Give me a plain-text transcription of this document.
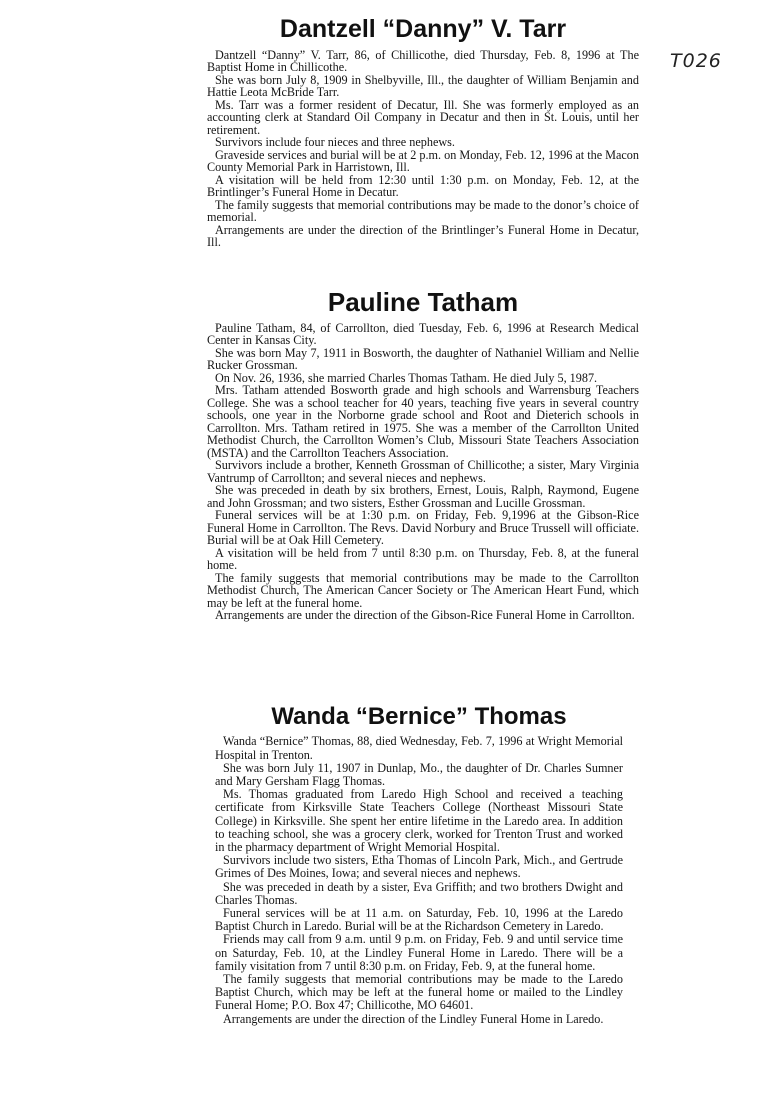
T026
Dantzell “Danny” V. Tarr

Dantzell “Danny” V. Tarr, 86, of Chillicothe, died Thursday, Feb. 8, 1996 at The Baptist Home in Chillicothe.

She was born July 8, 1909 in Shelbyville, Ill., the daughter of William Benjamin and Hattie Leota McBride Tarr.

Ms. Tarr was a former resident of Decatur, Ill. She was formerly employed as an accounting clerk at Standard Oil Company in Decatur and then in St. Louis, until her retirement.

Survivors include four nieces and three nephews.

Graveside services and burial will be at 2 p.m. on Monday, Feb. 12, 1996 at the Macon County Memorial Park in Harristown, Ill.

A visitation will be held from 12:30 until 1:30 p.m. on Monday, Feb. 12, at the Brintlinger’s Funeral Home in Decatur.

The family suggests that memorial contributions may be made to the donor’s choice of memorial.

Arrangements are under the direction of the Brintlinger’s Funeral Home in Decatur, Ill.

Pauline Tatham

Pauline Tatham, 84, of Carrollton, died Tuesday, Feb. 6, 1996 at Research Medical Center in Kansas City.

She was born May 7, 1911 in Bosworth, the daughter of Nathaniel William and Nellie Rucker Grossman.

On Nov. 26, 1936, she married Charles Thomas Tatham. He died July 5, 1987.

Mrs. Tatham attended Bosworth grade and high schools and Warrensburg Teachers College. She was a school teacher for 40 years, teaching five years in several country schools, one year in the Norborne grade school and Root and Dieterich schools in Carrollton. Mrs. Tatham retired in 1975. She was a member of the Carrollton United Methodist Church, the Carrollton Women’s Club, Missouri State Teachers Association (MSTA) and the Carrollton Teachers Association.

Survivors include a brother, Kenneth Grossman of Chillicothe; a sister, Mary Virginia Vantrump of Carrollton; and several nieces and nephews.

She was preceded in death by six brothers, Ernest, Louis, Ralph, Raymond, Eugene and John Grossman; and two sisters, Esther Grossman and Lucille Grossman.

Funeral services will be at 1:30 p.m. on Friday, Feb. 9,1996 at the Gibson-Rice Funeral Home in Carrollton. The Revs. David Norbury and Bruce Trussell will officiate. Burial will be at Oak Hill Cemetery.

A visitation will be held from 7 until 8:30 p.m. on Thursday, Feb. 8, at the funeral home.

The family suggests that memorial contributions may be made to the Carrollton Methodist Church, The American Cancer Society or The American Heart Fund, which may be left at the funeral home.

Arrangements are under the direction of the Gibson-Rice Funeral Home in Carrollton.

Wanda “Bernice” Thomas

Wanda “Bernice” Thomas, 88, died Wednesday, Feb. 7, 1996 at Wright Memorial Hospital in Trenton.

She was born July 11, 1907 in Dunlap, Mo., the daughter of Dr. Charles Sumner and Mary Gersham Flagg Thomas.

Ms. Thomas graduated from Laredo High School and received a teaching certificate from Kirksville State Teachers College (Northeast Missouri State College) in Kirksville. She spent her entire lifetime in the Laredo area. In addition to teaching school, she was a grocery clerk, worked for Trenton Trust and worked in the pharmacy department of Wright Memorial Hospital.

Survivors include two sisters, Etha Thomas of Lincoln Park, Mich., and Gertrude Grimes of Des Moines, Iowa; and several nieces and nephews.

She was preceded in death by a sister, Eva Griffith; and two brothers Dwight and Charles Thomas.

Funeral services will be at 11 a.m. on Saturday, Feb. 10, 1996 at the Laredo Baptist Church in Laredo. Burial will be at the Richardson Cemetery in Laredo.

Friends may call from 9 a.m. until 9 p.m. on Friday, Feb. 9 and until service time on Saturday, Feb. 10, at the Lindley Funeral Home in Laredo. There will be a family visitation from 7 until 8:30 p.m. on Friday, Feb. 9, at the funeral home.

The family suggests that memorial contributions may be made to the Laredo Baptist Church, which may be left at the funeral home or mailed to the Lindley Funeral Home; P.O. Box 47; Chillicothe, MO 64601.

Arrangements are under the direction of the Lindley Funeral Home in Laredo.
